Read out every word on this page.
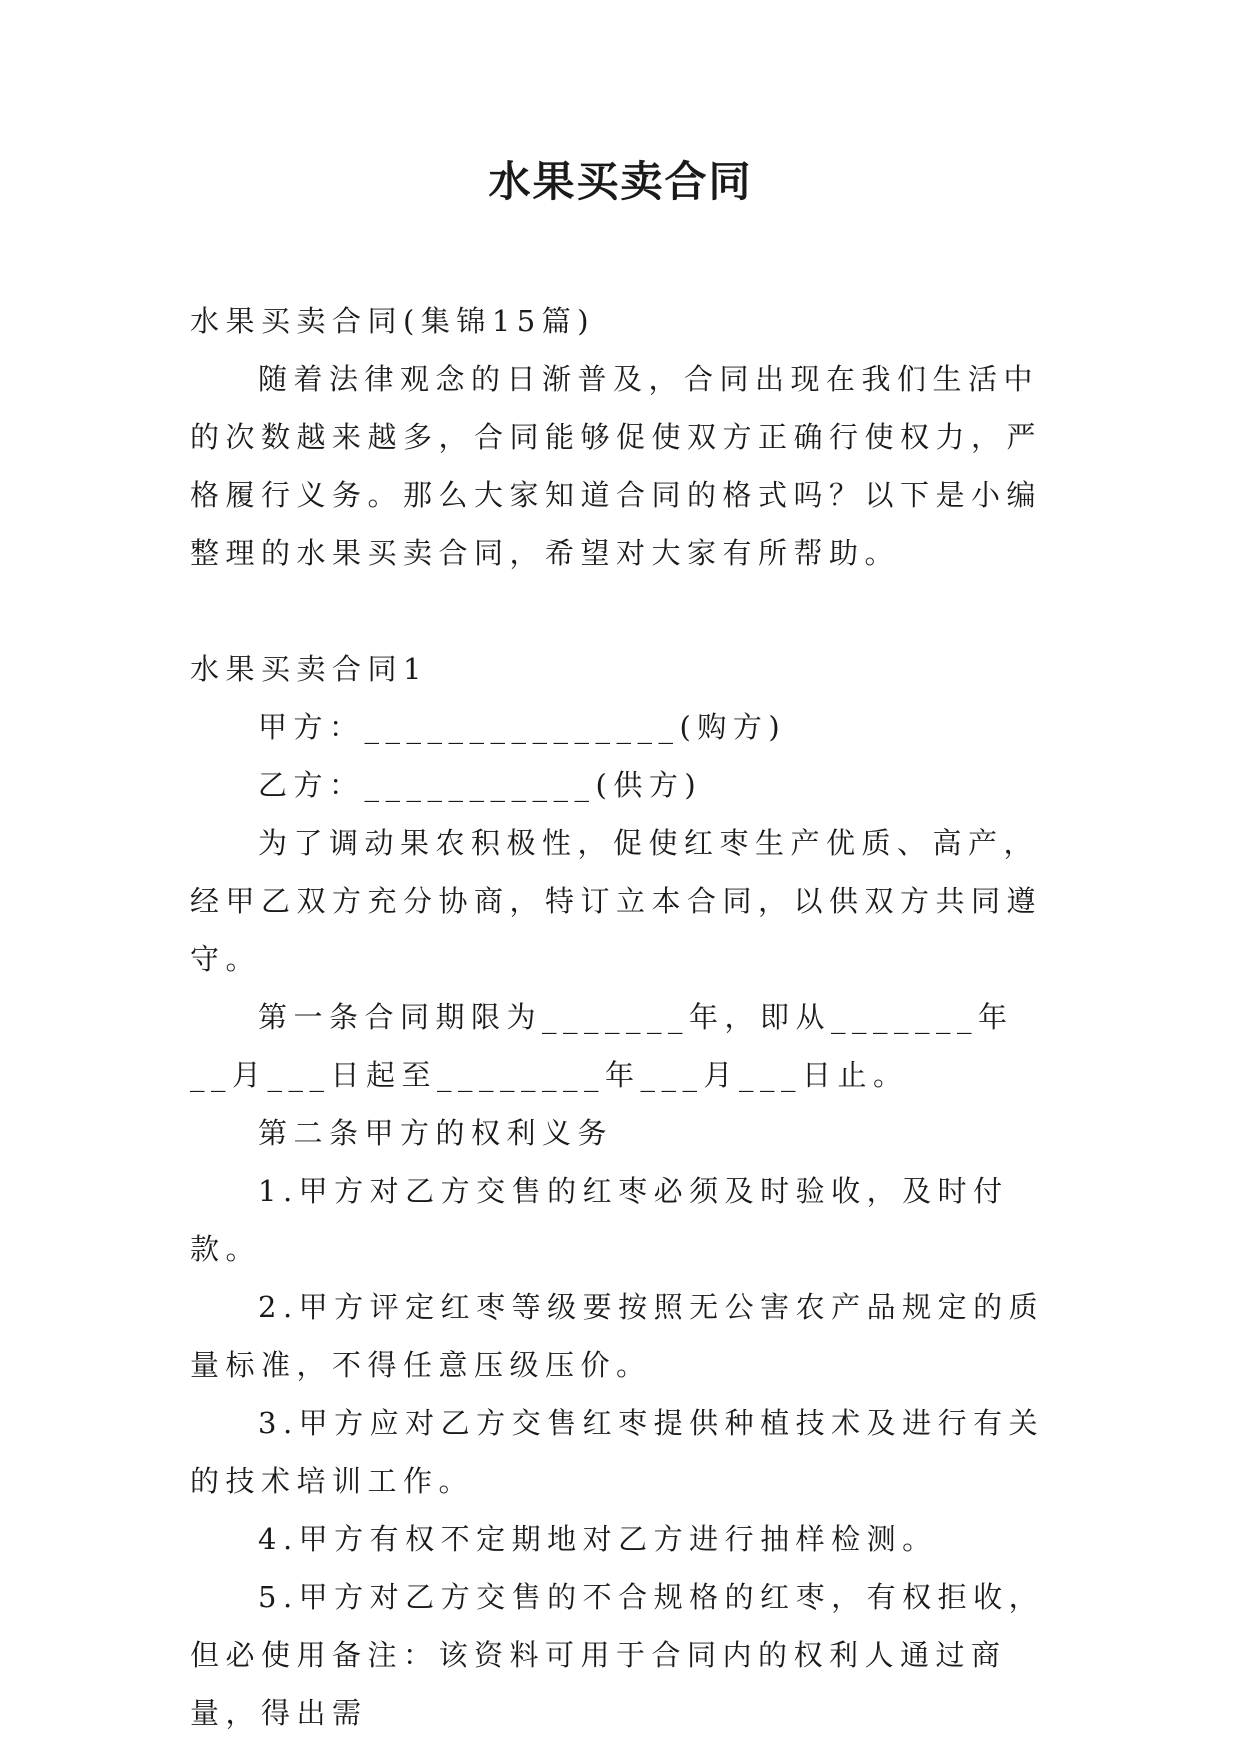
水果买卖合同

水果买卖合同(集锦15篇)

随着法律观念的日渐普及，合同出现在我们生活中的次数越来越多，合同能够促使双方正确行使权力，严格履行义务。那么大家知道合同的格式吗？以下是小编整理的水果买卖合同，希望对大家有所帮助。

水果买卖合同1

甲方：_______________(购方)

乙方：___________(供方)

为了调动果农积极性，促使红枣生产优质、高产，经甲乙双方充分协商，特订立本合同，以供双方共同遵守。

第一条合同期限为_______年，即从_______年__月___日起至________年___月___日止。

第二条甲方的权利义务

1.甲方对乙方交售的红枣必须及时验收，及时付款。

2.甲方评定红枣等级要按照无公害农产品规定的质量标准，不得任意压级压价。

3.甲方应对乙方交售红枣提供种植技术及进行有关的技术培训工作。

4.甲方有权不定期地对乙方进行抽样检测。

5.甲方对乙方交售的不合规格的红枣，有权拒收，但必使用备注：该资料可用于合同内的权利人通过商量，得出需
